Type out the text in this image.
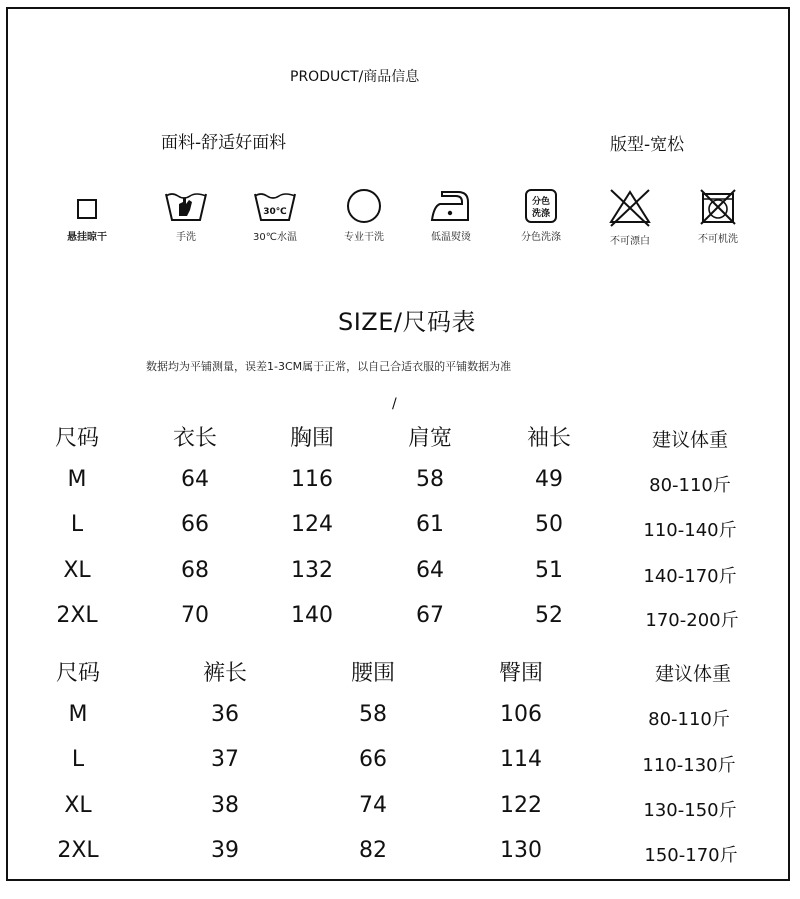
PRODUCT/商品信息
面料-舒适好面料	版型-宽松
悬挂晾干	手洗
30℃
30℃水温	专业干洗	低温熨烫
分色
洗涤
分色洗涤	不可漂白	不可机洗
SIZE/尺码表
数据均为平铺测量，误差1-3CM属于正常，以自己合适衣服的平铺数据为准
/
尺码	衣长	胸围	肩宽	袖长	建议体重
M	64	116	58	49	80-110斤
L	66	124	61	50	110-140斤
XL	68	132	64	51	140-170斤
2XL	70	140	67	52	170-200斤
尺码	裤长	腰围	臀围	建议体重
M	36	58	106	80-110斤
L	37	66	114	110-130斤
XL	38	74	122	130-150斤
2XL	39	82	130	150-170斤
